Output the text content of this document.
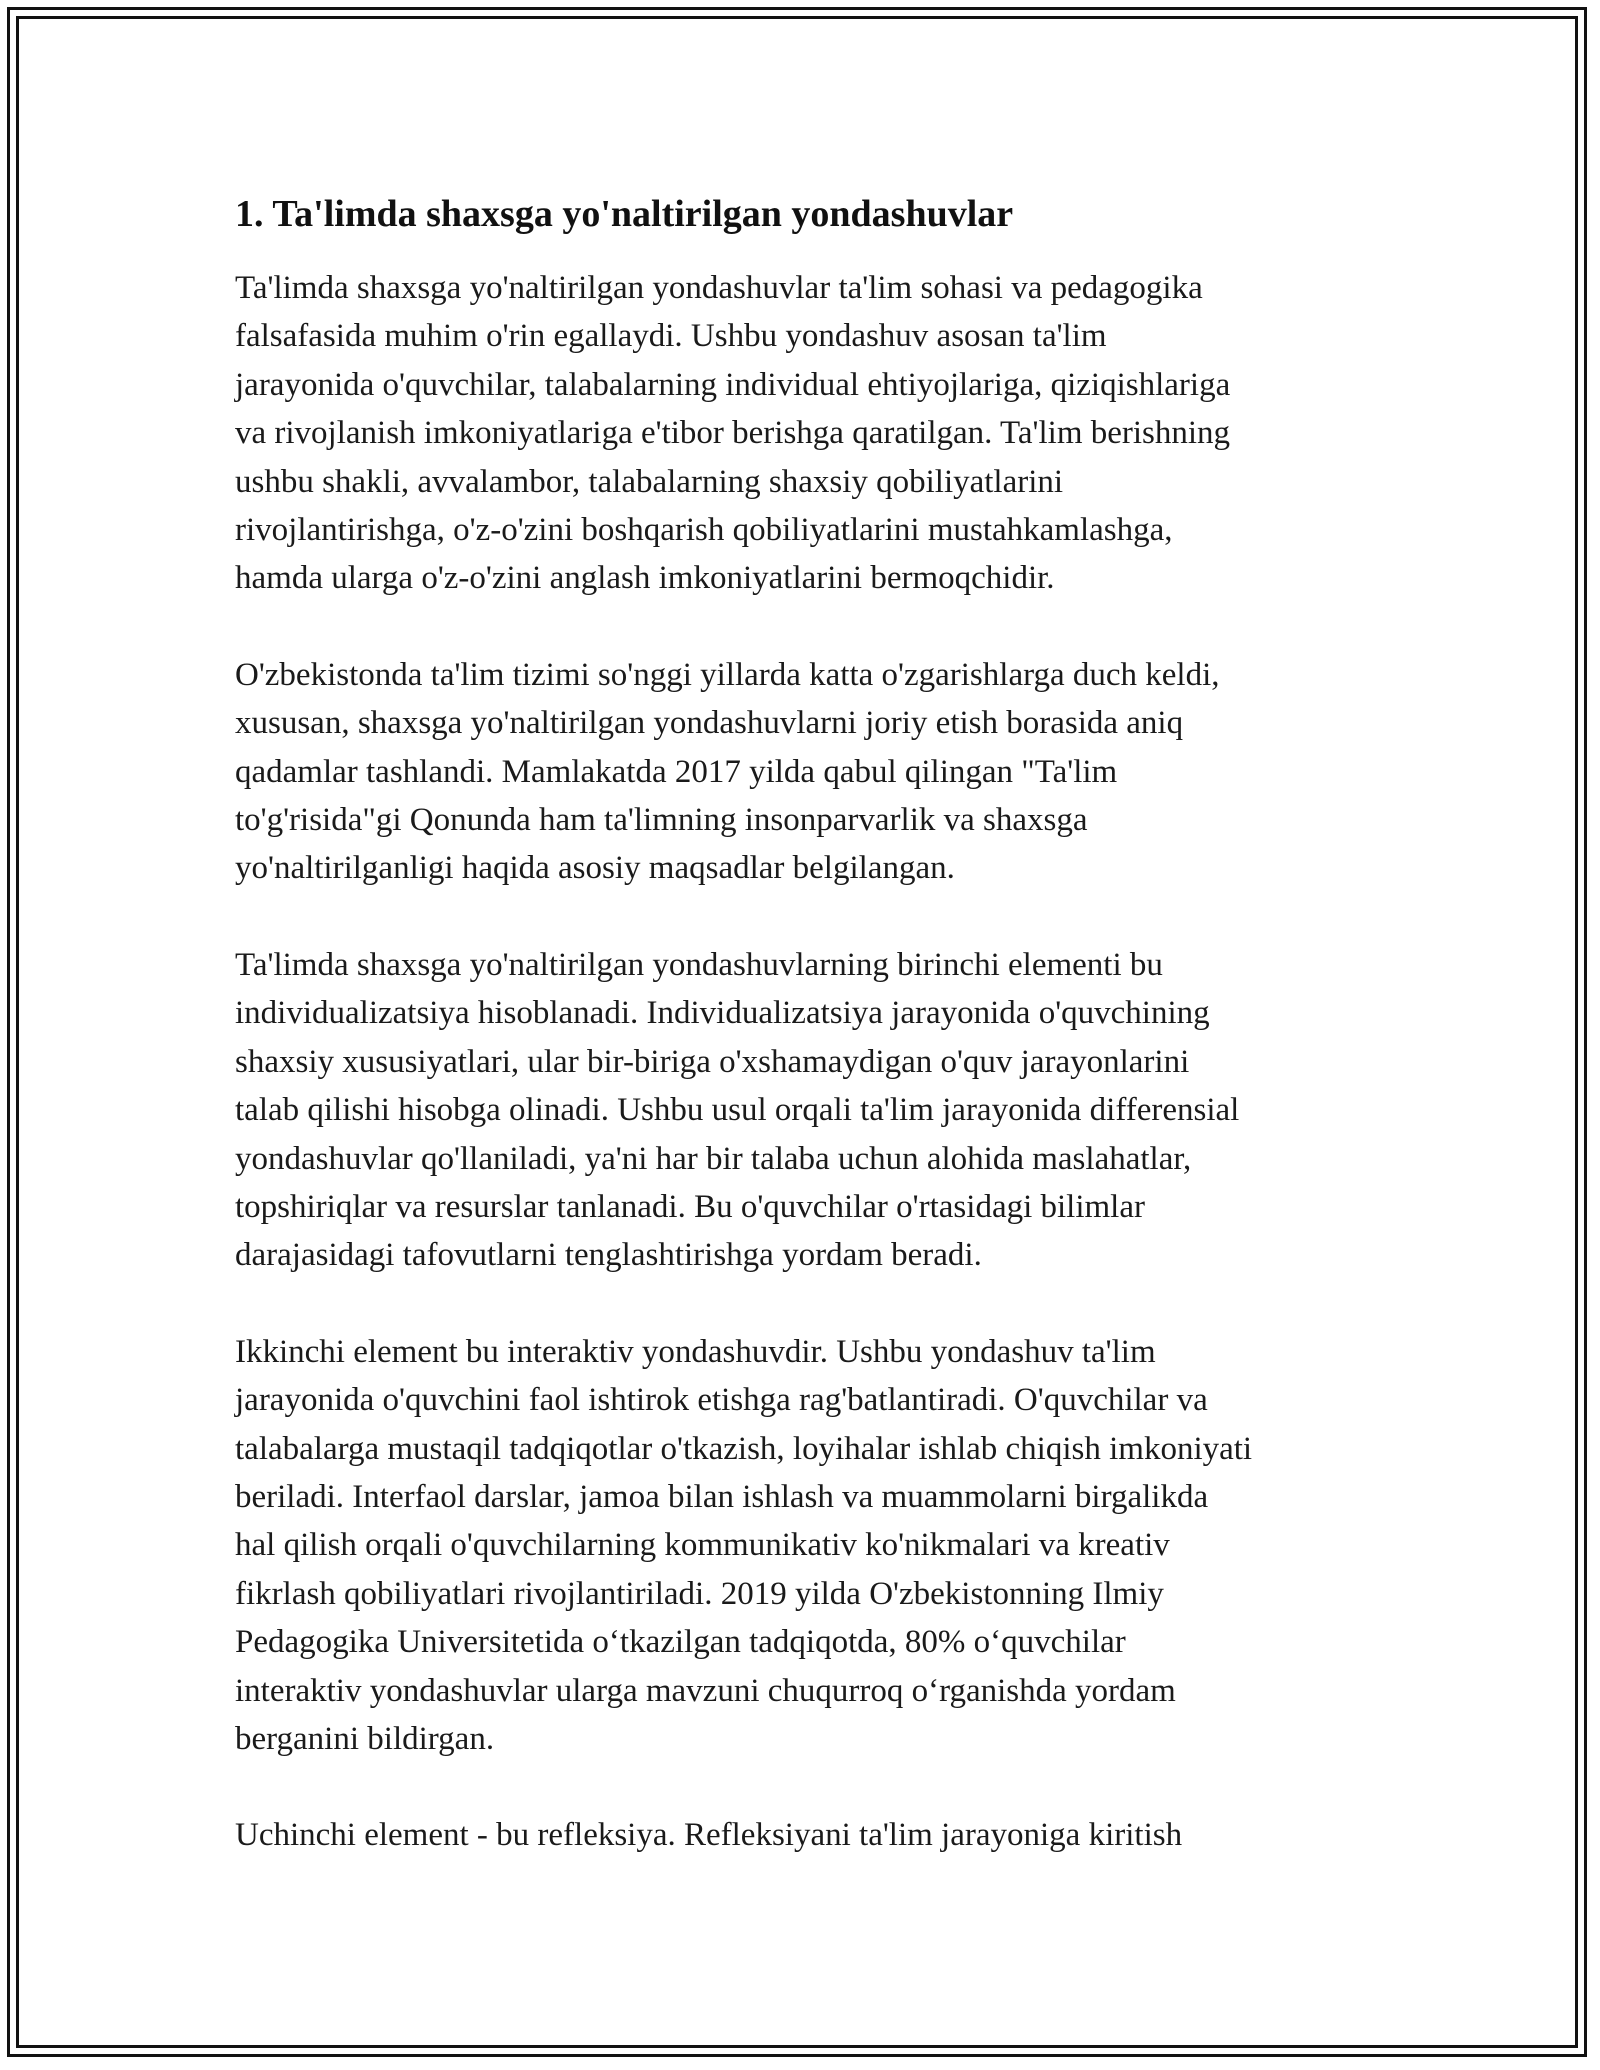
1. Ta'limda shaxsga yo'naltirilgan yondashuvlar

Ta'limda shaxsga yo'naltirilgan yondashuvlar ta'lim sohasi va pedagogika
falsafasida muhim o'rin egallaydi. Ushbu yondashuv asosan ta'lim
jarayonida o'quvchilar, talabalarning individual ehtiyojlariga, qiziqishlariga
va rivojlanish imkoniyatlariga e'tibor berishga qaratilgan. Ta'lim berishning
ushbu shakli, avvalambor, talabalarning shaxsiy qobiliyatlarini
rivojlantirishga, o'z-o'zini boshqarish qobiliyatlarini mustahkamlashga,
hamda ularga o'z-o'zini anglash imkoniyatlarini bermoqchidir.

O'zbekistonda ta'lim tizimi so'nggi yillarda katta o'zgarishlarga duch keldi,
xususan, shaxsga yo'naltirilgan yondashuvlarni joriy etish borasida aniq
qadamlar tashlandi. Mamlakatda 2017 yilda qabul qilingan "Ta'lim
to'g'risida"gi Qonunda ham ta'limning insonparvarlik va shaxsga
yo'naltirilganligi haqida asosiy maqsadlar belgilangan.

Ta'limda shaxsga yo'naltirilgan yondashuvlarning birinchi elementi bu
individualizatsiya hisoblanadi. Individualizatsiya jarayonida o'quvchining
shaxsiy xususiyatlari, ular bir-biriga o'xshamaydigan o'quv jarayonlarini
talab qilishi hisobga olinadi. Ushbu usul orqali ta'lim jarayonida differensial
yondashuvlar qo'llaniladi, ya'ni har bir talaba uchun alohida maslahatlar,
topshiriqlar va resurslar tanlanadi. Bu o'quvchilar o'rtasidagi bilimlar
darajasidagi tafovutlarni tenglashtirishga yordam beradi.

Ikkinchi element bu interaktiv yondashuvdir. Ushbu yondashuv ta'lim
jarayonida o'quvchini faol ishtirok etishga rag'batlantiradi. O'quvchilar va
talabalarga mustaqil tadqiqotlar o'tkazish, loyihalar ishlab chiqish imkoniyati
beriladi. Interfaol darslar, jamoa bilan ishlash va muammolarni birgalikda
hal qilish orqali o'quvchilarning kommunikativ ko'nikmalari va kreativ
fikrlash qobiliyatlari rivojlantiriladi. 2019 yilda O'zbekistonning Ilmiy
Pedagogika Universitetida o‘tkazilgan tadqiqotda, 80% o‘quvchilar
interaktiv yondashuvlar ularga mavzuni chuqurroq o‘rganishda yordam
berganini bildirgan.

Uchinchi element - bu refleksiya. Refleksiyani ta'lim jarayoniga kiritish
